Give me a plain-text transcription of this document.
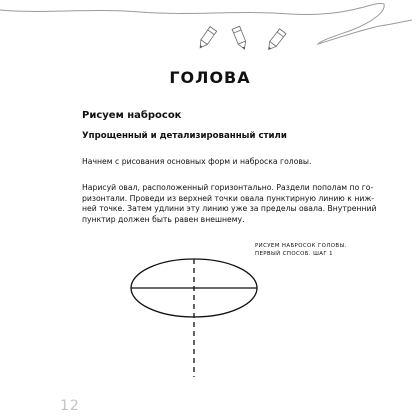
ГОЛОВА
Рисуем набросок
Упрощенный и детализированный стили

Начнем с рисования основных форм и наброска головы.

Нарисуй овал, расположенный горизонтально. Раздели пополам по го-
ризонтали. Проведи из верхней точки овала пунктирную линию к ниж-
ней точке. Затем удлини эту линию уже за пределы овала. Внутренний
пунктир должен быть равен внешнему.

РИСУЕМ НАБРОСОК ГОЛОВЫ.
ПЕРВЫЙ СПОСОБ. ШАГ 1

12
